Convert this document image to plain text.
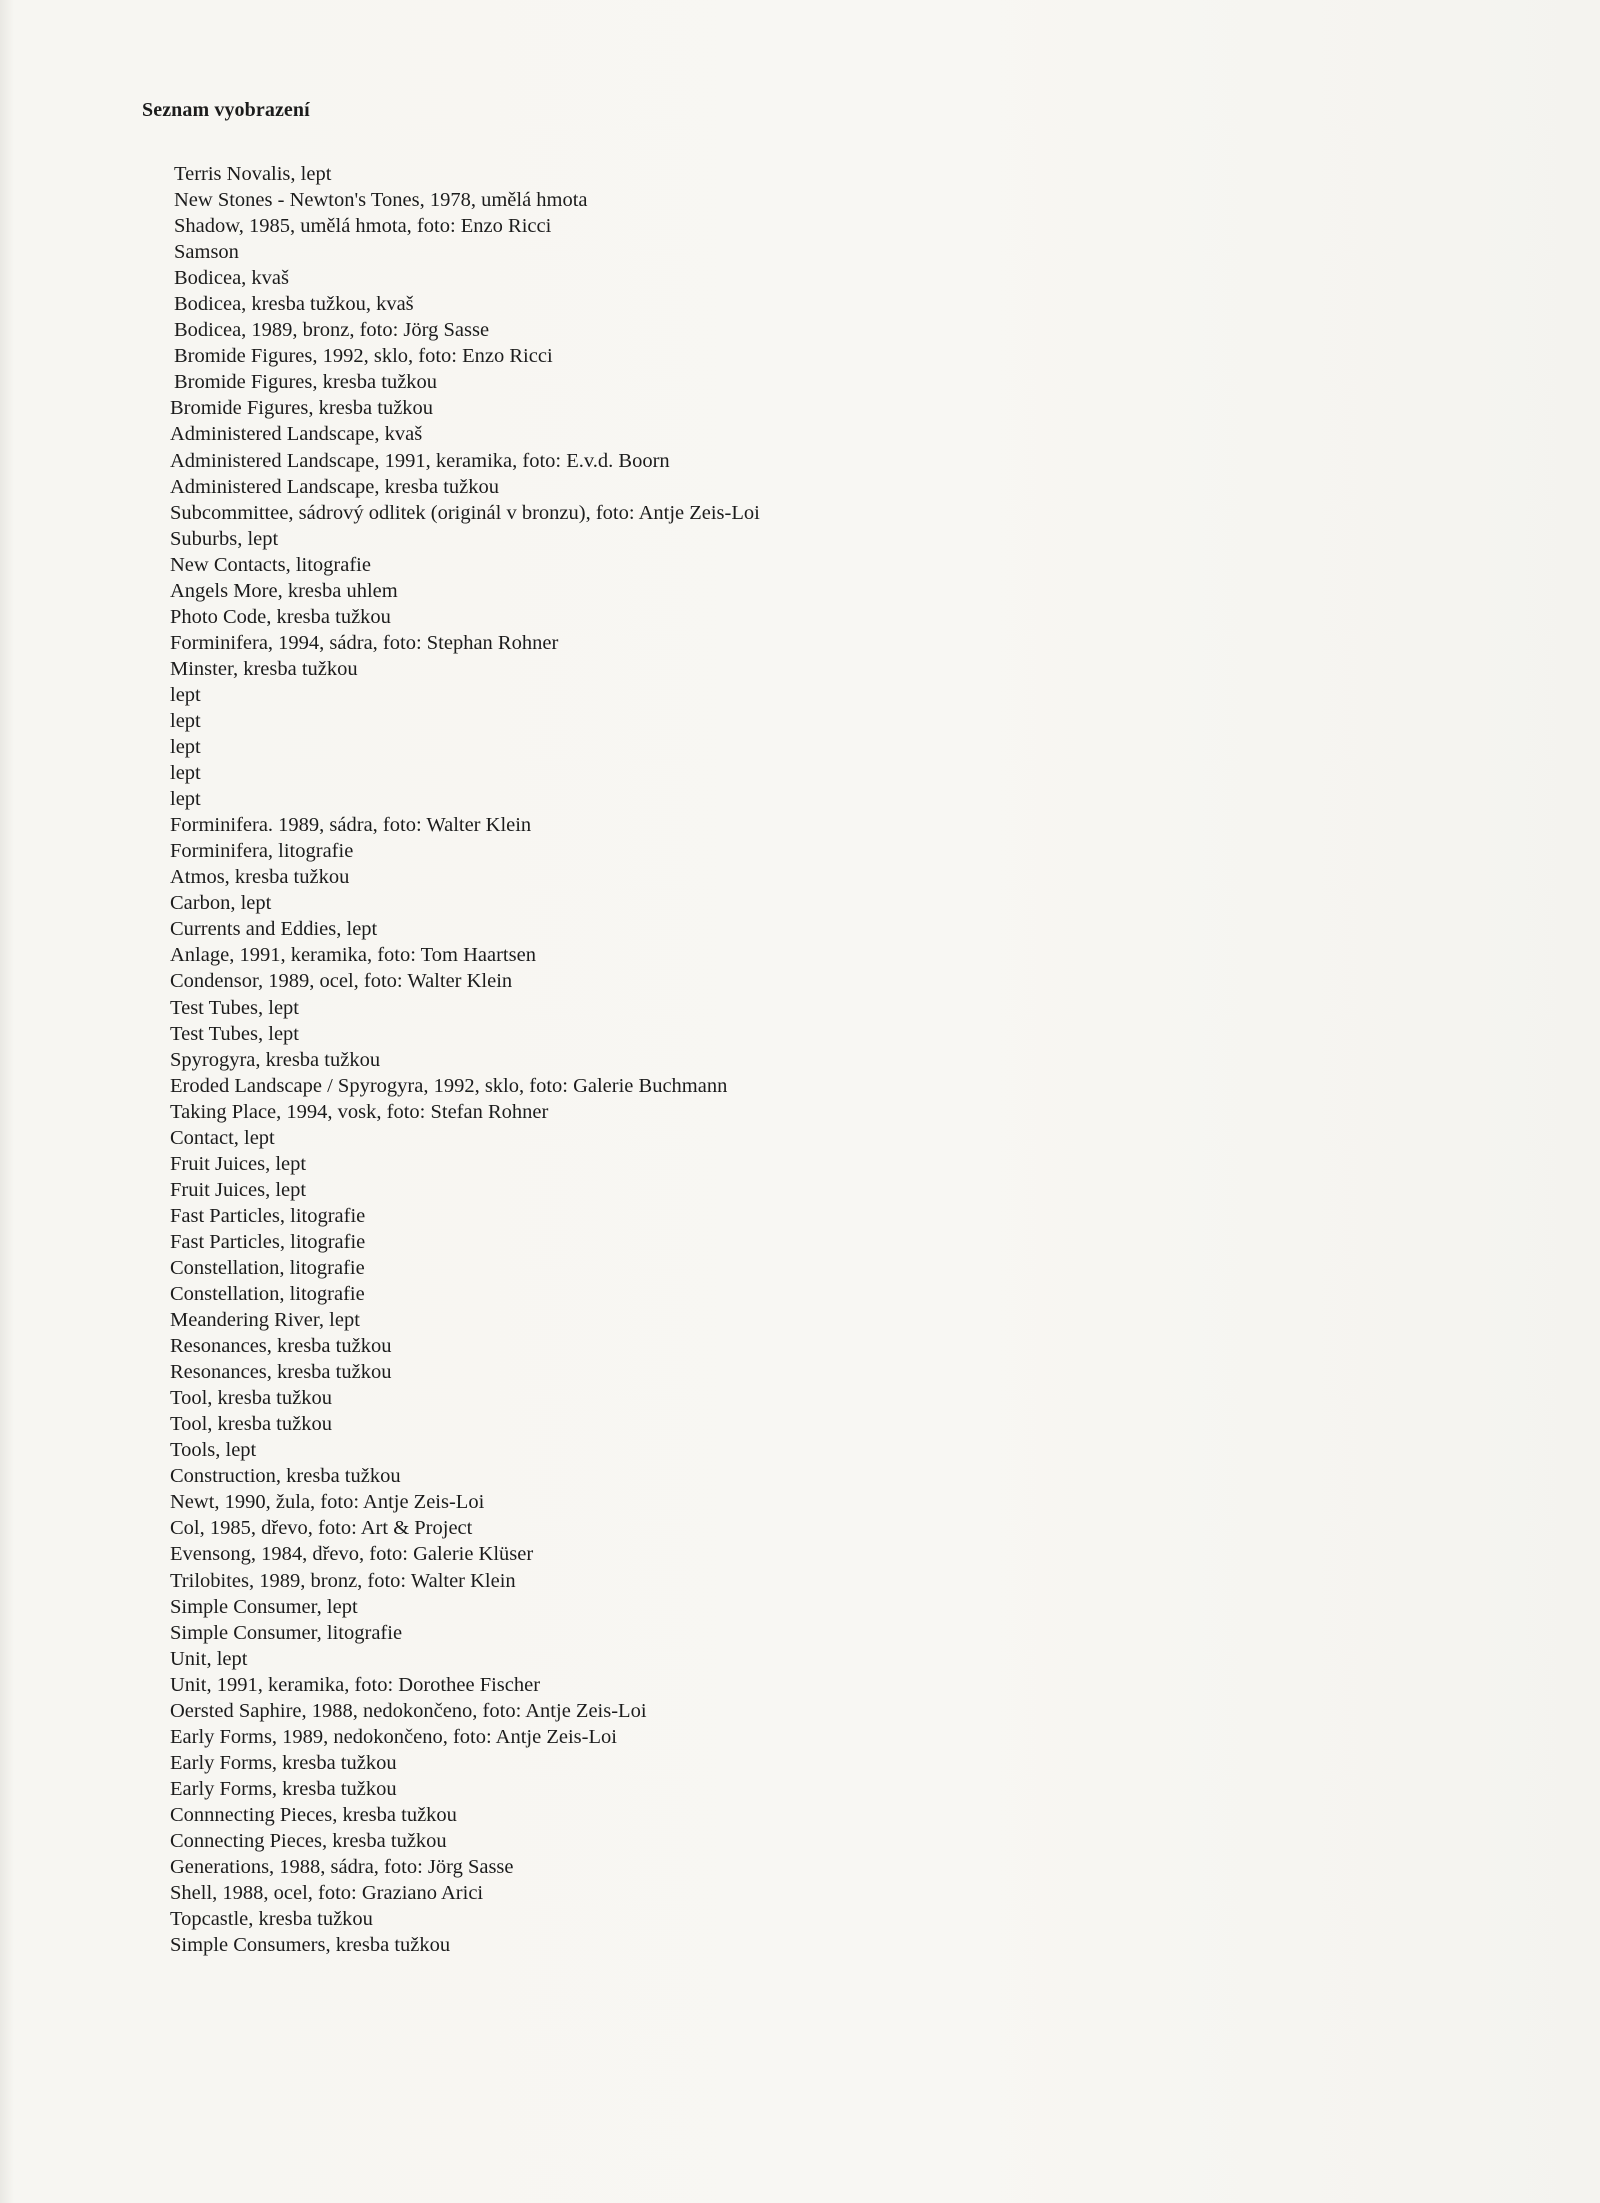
Seznam vyobrazení
Terris Novalis, lept
New Stones - Newton's Tones, 1978, umělá hmota
Shadow, 1985, umělá hmota, foto: Enzo Ricci
Samson
Bodicea, kvaš
Bodicea, kresba tužkou, kvaš
Bodicea, 1989, bronz, foto: Jörg Sasse
Bromide Figures, 1992, sklo, foto: Enzo Ricci
Bromide Figures, kresba tužkou
Bromide Figures, kresba tužkou
Administered Landscape, kvaš
Administered Landscape, 1991, keramika, foto: E.v.d. Boorn
Administered Landscape, kresba tužkou
Subcommittee, sádrový odlitek (originál v bronzu), foto: Antje Zeis-Loi
Suburbs, lept
New Contacts, litografie
Angels More, kresba uhlem
Photo Code, kresba tužkou
Forminifera, 1994, sádra, foto: Stephan Rohner
Minster, kresba tužkou
lept
lept
lept
lept
lept
Forminifera. 1989, sádra, foto: Walter Klein
Forminifera, litografie
Atmos, kresba tužkou
Carbon, lept
Currents and Eddies, lept
Anlage, 1991, keramika, foto: Tom Haartsen
Condensor, 1989, ocel, foto: Walter Klein
Test Tubes, lept
Test Tubes, lept
Spyrogyra, kresba tužkou
Eroded Landscape / Spyrogyra, 1992, sklo, foto: Galerie Buchmann
Taking Place, 1994, vosk, foto: Stefan Rohner
Contact, lept
Fruit Juices, lept
Fruit Juices, lept
Fast Particles, litografie
Fast Particles, litografie
Constellation, litografie
Constellation, litografie
Meandering River, lept
Resonances, kresba tužkou
Resonances, kresba tužkou
Tool, kresba tužkou
Tool, kresba tužkou
Tools, lept
Construction, kresba tužkou
Newt, 1990, žula, foto: Antje Zeis-Loi
Col, 1985, dřevo, foto: Art & Project
Evensong, 1984, dřevo, foto: Galerie Klüser
Trilobites, 1989, bronz, foto: Walter Klein
Simple Consumer, lept
Simple Consumer, litografie
Unit, lept
Unit, 1991, keramika, foto: Dorothee Fischer
Oersted Saphire, 1988, nedokončeno, foto: Antje Zeis-Loi
Early Forms, 1989, nedokončeno, foto: Antje Zeis-Loi
Early Forms, kresba tužkou
Early Forms, kresba tužkou
Connnecting Pieces, kresba tužkou
Connecting Pieces, kresba tužkou
Generations, 1988, sádra, foto: Jörg Sasse
Shell, 1988, ocel, foto: Graziano Arici
Topcastle, kresba tužkou
Simple Consumers, kresba tužkou
